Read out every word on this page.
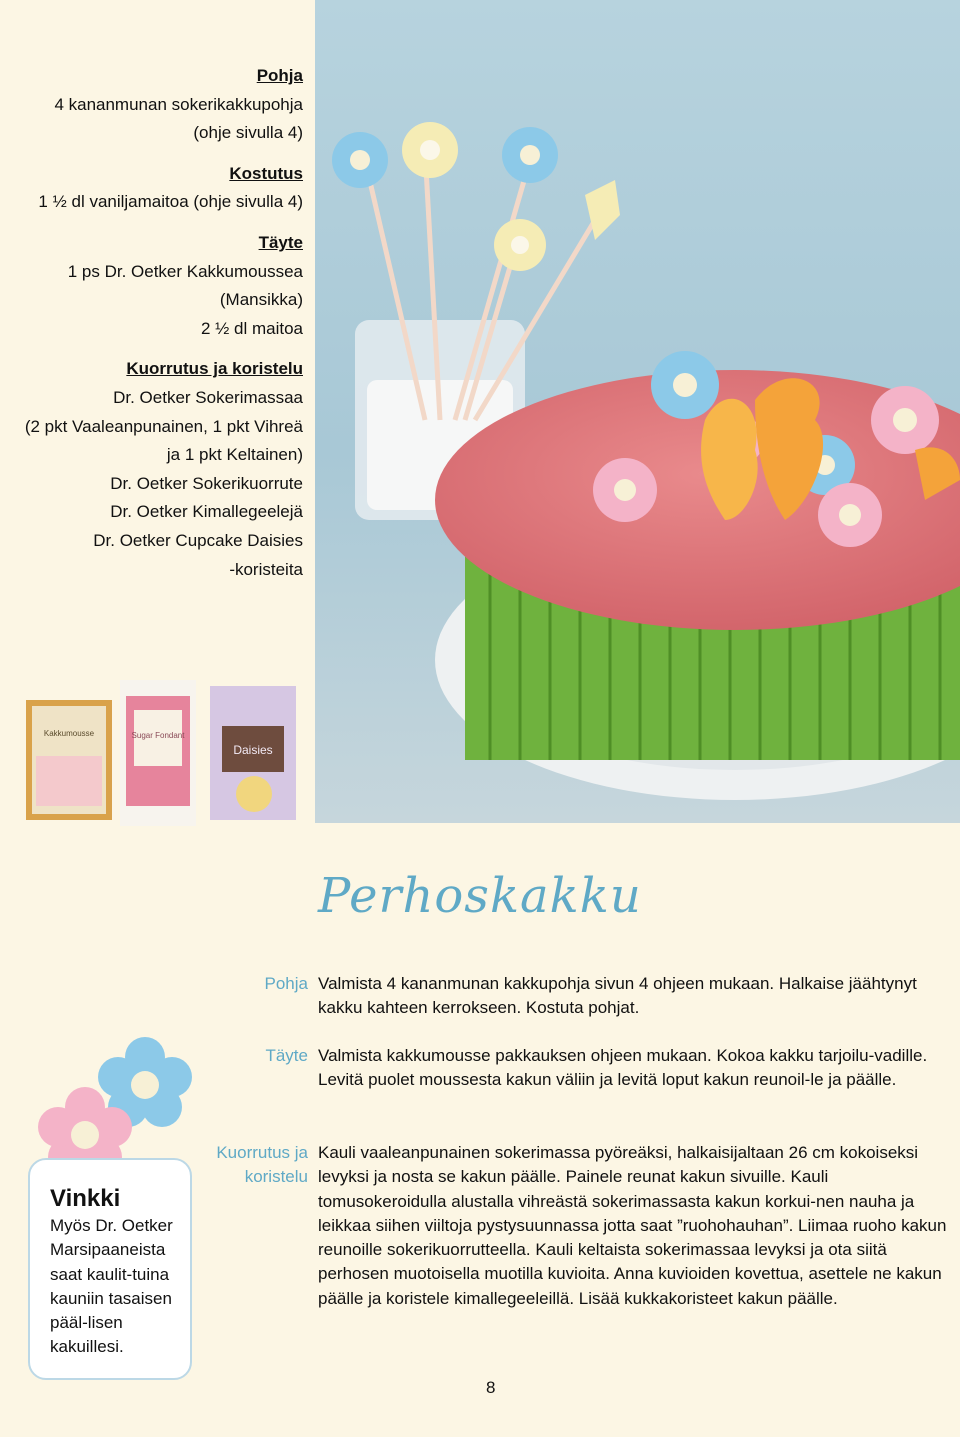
Pohja
4 kananmunan sokerikakkupohja
(ohje sivulla 4)
Kostutus
1 ½ dl vaniljamaitoa (ohje sivulla 4)
Täyte
1 ps Dr. Oetker Kakkumoussea
(Mansikka)
2 ½ dl maitoa
Kuorrutus ja koristelu
Dr. Oetker Sokerimassaa
(2 pkt Vaaleanpunainen, 1 pkt Vihreä
ja 1 pkt Keltainen)
Dr. Oetker Sokerikuorrute
Dr. Oetker Kimallegeelejä
Dr. Oetker Cupcake Daisies
-koristeita
Kakkumousse	Sugar Fondant
Daisies
Perhoskakku
Pohja Valmista 4 kananmunan kakkupohja sivun 4 ohjeen mukaan. Halkaise jäähtynyt kakku kahteen kerrokseen. Kostuta pohjat.
Täyte Valmista kakkumousse pakkauksen ohjeen mukaan. Kokoa kakku tarjoilu-vadille. Levitä puolet moussesta kakun väliin ja levitä loput kakun reunoil-le ja päälle.
Kuorrutus ja koristelu
Kauli vaaleanpunainen sokerimassa pyöreäksi, halkaisijaltaan 26 cm kokoiseksi levyksi ja nosta se kakun päälle. Painele reunat kakun sivuille. Kauli tomusokeroidulla alustalla vihreästä sokerimassasta kakun korkui-nen nauha ja leikkaa siihen viiltoja pystysuunnassa jotta saat ”ruohohauhan”. Liimaa ruoho kakun reunoille sokerikuorrutteella. Kauli keltaista sokerimassaa levyksi ja ota siitä perhosen muotoisella muotilla kuvioita. Anna kuvioiden kovettua, asettele ne kakun päälle ja koristele kimallegeeleillä. Lisää kukkakoristeet kakun päälle.
Vinkki
Myös Dr. Oetker Marsipaaneista saat kaulit-tuina kauniin tasaisen pääl-lisen kakuillesi.
8
